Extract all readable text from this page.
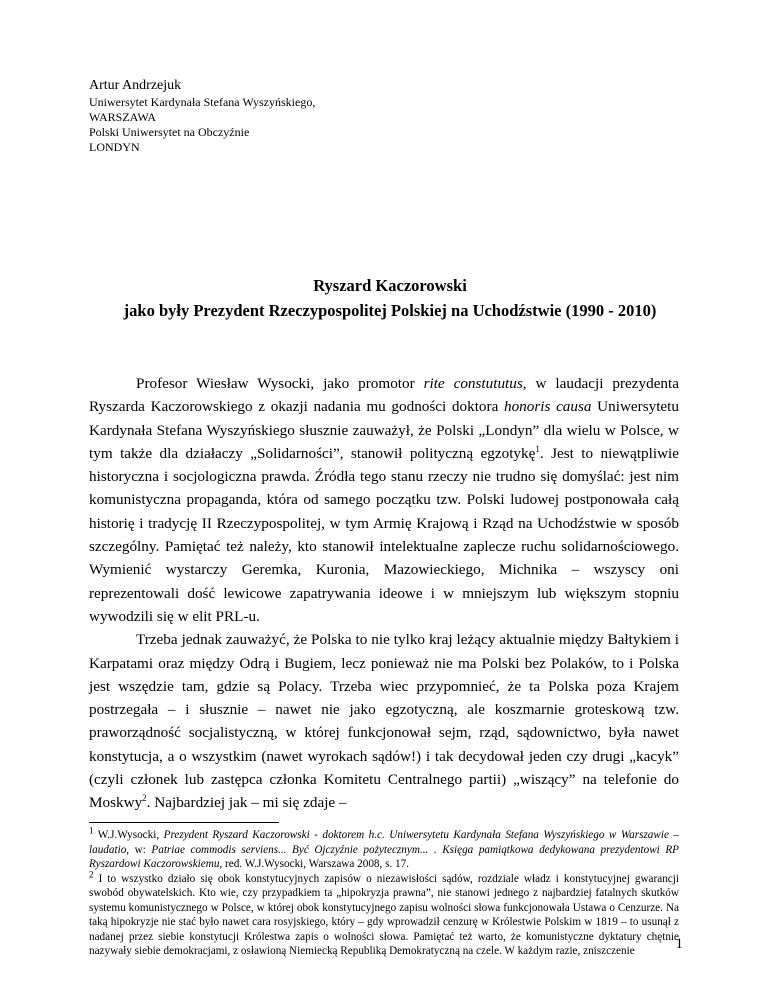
Artur Andrzejuk
Uniwersytet Kardynała Stefana Wyszyńskiego,
WARSZAWA
Polski Uniwersytet na Obczyźnie
LONDYN
Ryszard Kaczorowski
jako były Prezydent Rzeczypospolitej Polskiej na Uchodźstwie (1990 - 2010)

Profesor Wiesław Wysocki, jako promotor rite constututus, w laudacji prezydenta Ryszarda Kaczorowskiego z okazji nadania mu godności doktora honoris causa Uniwersytetu Kardynała Stefana Wyszyńskiego słusznie zauważył, że Polski „Londyn” dla wielu w Polsce, w tym także dla działaczy „Solidarności”, stanowił polityczną egzotykę$^1$. Jest to niewątpliwie historyczna i socjologiczna prawda. Źródła tego stanu rzeczy nie trudno się domyślać: jest nim komunistyczna propaganda, która od samego początku tzw. Polski ludowej postponowała całą historię i tradycję II Rzeczypospolitej, w tym Armię Krajową i Rząd na Uchodźstwie w sposób szczególny. Pamiętać też należy, kto stanowił intelektualne zaplecze ruchu solidarnościowego. Wymienić wystarczy Geremka, Kuronia, Mazowieckiego, Michnika – wszyscy oni reprezentowali dość lewicowe zapatrywania ideowe i w mniejszym lub większym stopniu wywodzili się w elit PRL-u.

Trzeba jednak zauważyć, że Polska to nie tylko kraj leżący aktualnie między Bałtykiem i Karpatami oraz między Odrą i Bugiem, lecz ponieważ nie ma Polski bez Polaków, to i Polska jest wszędzie tam, gdzie są Polacy. Trzeba wiec przypomnieć, że ta Polska poza Krajem postrzegała – i słusznie – nawet nie jako egzotyczną, ale koszmarnie groteskową tzw. praworządność socjalistyczną, w której funkcjonował sejm, rząd, sądownictwo, była nawet konstytucja, a o wszystkim (nawet wyrokach sądów!) i tak decydował jeden czy drugi „kacyk” (czyli członek lub zastępca członka Komitetu Centralnego partii) „wiszący” na telefonie do Moskwy$^2$. Najbardziej jak – mi się zdaje –

$^1$ W.J.Wysocki, Prezydent Ryszard Kaczorowski - doktorem h.c. Uniwersytetu Kardynała Stefana Wyszyńskiego w Warszawie – laudatio, w: Patriae commodis serviens... Być Ojczyźnie pożytecznym... . Księga pamiątkowa dedykowana prezydentowi RP Ryszardowi Kaczorowskiemu, red. W.J.Wysocki, Warszawa 2008, s. 17.

$^2$ I to wszystko działo się obok konstytucyjnych zapisów o niezawisłości sądów, rozdziale władz i konstytucyjnej gwarancji swobód obywatelskich. Kto wie, czy przypadkiem ta „hipokryzja prawna”, nie stanowi jednego z najbardziej fatalnych skutków systemu komunistycznego w Polsce, w której obok konstytucyjnego zapisu wolności słowa funkcjonowała Ustawa o Cenzurze. Na taką hipokryzje nie stać było nawet cara rosyjskiego, który – gdy wprowadził cenzurę w Królestwie Polskim w 1819 – to usunął z nadanej przez siebie konstytucji Królestwa zapis o wolności słowa. Pamiętać też warto, że komunistyczne dyktatury chętnie nazywały siebie demokracjami, z osławioną Niemiecką Republiką Demokratyczną na czele. W każdym razie, zniszczenie	1
